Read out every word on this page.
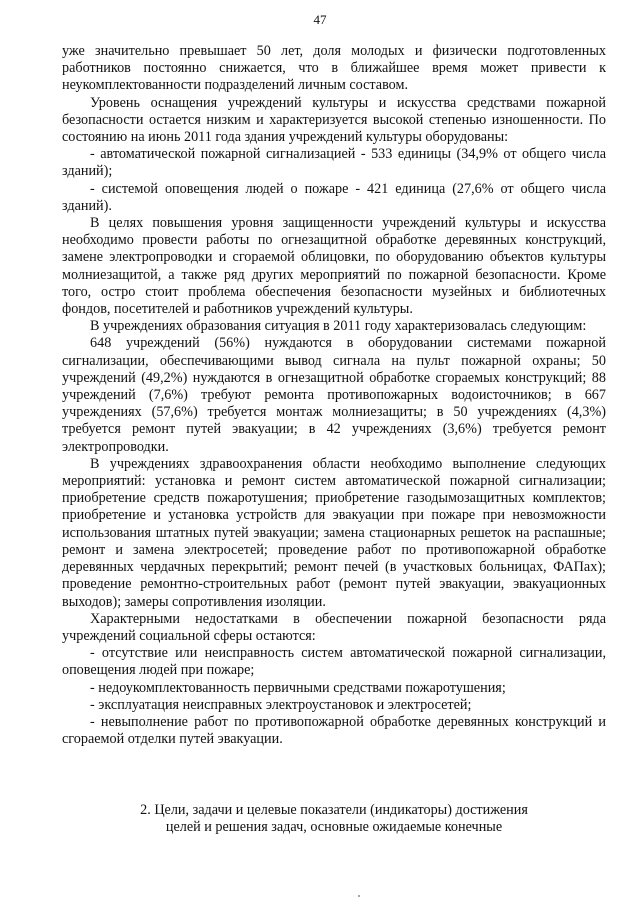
47

уже значительно превышает 50 лет, доля молодых и физически подготовленных работников постоянно снижается, что в ближайшее время может привести к неукомплектованности подразделений личным составом.

Уровень оснащения учреждений культуры и искусства средствами пожарной безопасности остается низким и характеризуется высокой степенью изношенности. По состоянию на июнь 2011 года здания учреждений культуры оборудованы:

- автоматической пожарной сигнализацией - 533 единицы (34,9% от общего числа зданий);

- системой оповещения людей о пожаре - 421 единица (27,6% от общего числа зданий).

В целях повышения уровня защищенности учреждений культуры и искусства необходимо провести работы по огнезащитной обработке деревянных конструкций, замене электропроводки и сгораемой облицовки, по оборудованию объектов культуры молниезащитой, а также ряд других мероприятий по пожарной безопасности. Кроме того, остро стоит проблема обеспечения безопасности музейных и библиотечных фондов, посетителей и работников учреждений культуры.

В учреждениях образования ситуация в 2011 году характеризовалась следующим:

648 учреждений (56%) нуждаются в оборудовании системами пожарной сигнализации, обеспечивающими вывод сигнала на пульт пожарной охраны; 50 учреждений (49,2%) нуждаются в огнезащитной обработке сгораемых конструкций; 88 учреждений (7,6%) требуют ремонта противопожарных водоисточников; в 667 учреждениях (57,6%) требуется монтаж молниезащиты; в 50 учреждениях (4,3%) требуется ремонт путей эвакуации; в 42 учреждениях (3,6%) требуется ремонт электропроводки.

В учреждениях здравоохранения области необходимо выполнение следующих мероприятий: установка и ремонт систем автоматической пожарной сигнализации; приобретение средств пожаротушения; приобретение газодымозащитных комплектов; приобретение и установка устройств для эвакуации при пожаре при невозможности использования штатных путей эвакуации; замена стационарных решеток на распашные; ремонт и замена электросетей; проведение работ по противопожарной обработке деревянных чердачных перекрытий; ремонт печей (в участковых больницах, ФАПах); проведение ремонтно-строительных работ (ремонт путей эвакуации, эвакуационных выходов); замеры сопротивления изоляции.

Характерными недостатками в обеспечении пожарной безопасности ряда учреждений социальной сферы остаются:

- отсутствие или неисправность систем автоматической пожарной сигнализации, оповещения людей при пожаре;

- недоукомплектованность первичными средствами пожаротушения;

- эксплуатация неисправных электроустановок и электросетей;

- невыполнение работ по противопожарной обработке деревянных конструкций и сгораемой отделки путей эвакуации.

2. Цели, задачи и целевые показатели (индикаторы) достижения

целей и решения задач, основные ожидаемые конечные
